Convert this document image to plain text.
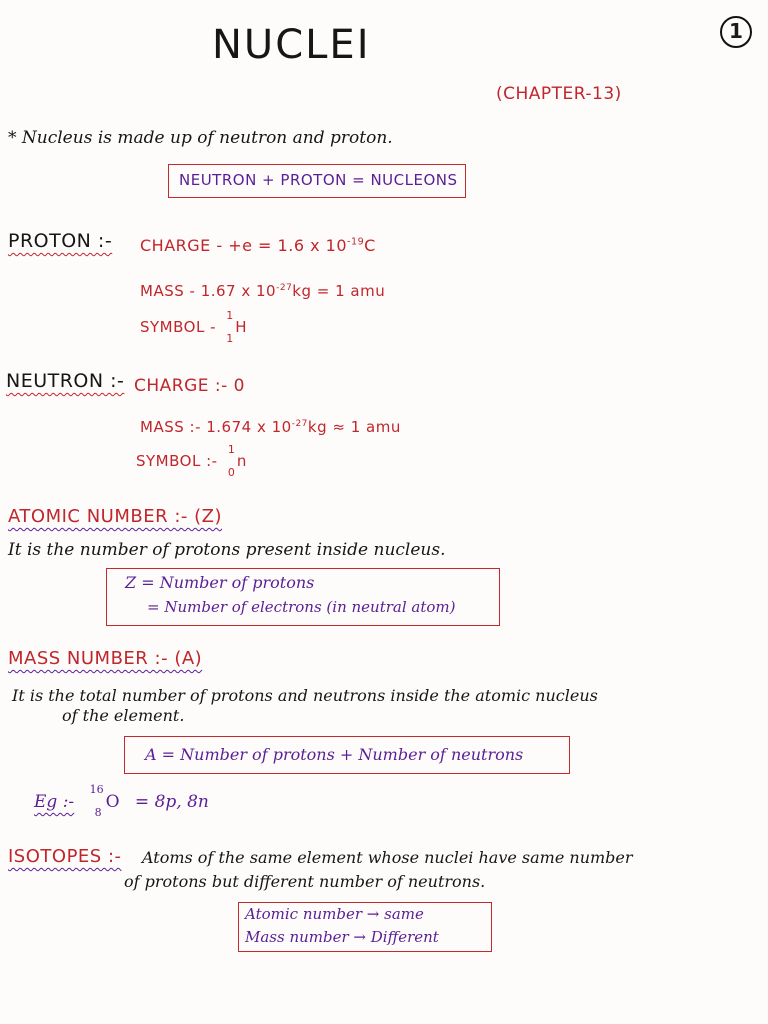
NUCLEI	1
(CHAPTER-13)
* Nucleus is made up of neutron and proton.
NEUTRON + PROTON = NUCLEONS
PROTON :- CHARGE - +e = 1.6 x $10^{-19}C$
MASS - 1.67 x $10^{-27}kg = 1$ amu
SYMBOL -
1
H
1
NEUTRON :- CHARGE :- 0
MASS :- 1.674 x $10^{-27}kg \approx 1$ amu
SYMBOL :-
1
n
0
ATOMIC NUMBER :- (Z)
It is the number of protons present inside nucleus.
Z = Number of protons
= Number of electrons (in neutral atom)
MASS NUMBER :- (A)
It is the total number of protons and neutrons inside the atomic nucleus
of the element.
A = Number of protons + Number of neutrons
Eg :-
16
O
8
= 8p, 8n
ISOTOPES :- Atoms of the same element whose nuclei have same number
of protons but different number of neutrons.
Atomic number → same
Mass number → Different
